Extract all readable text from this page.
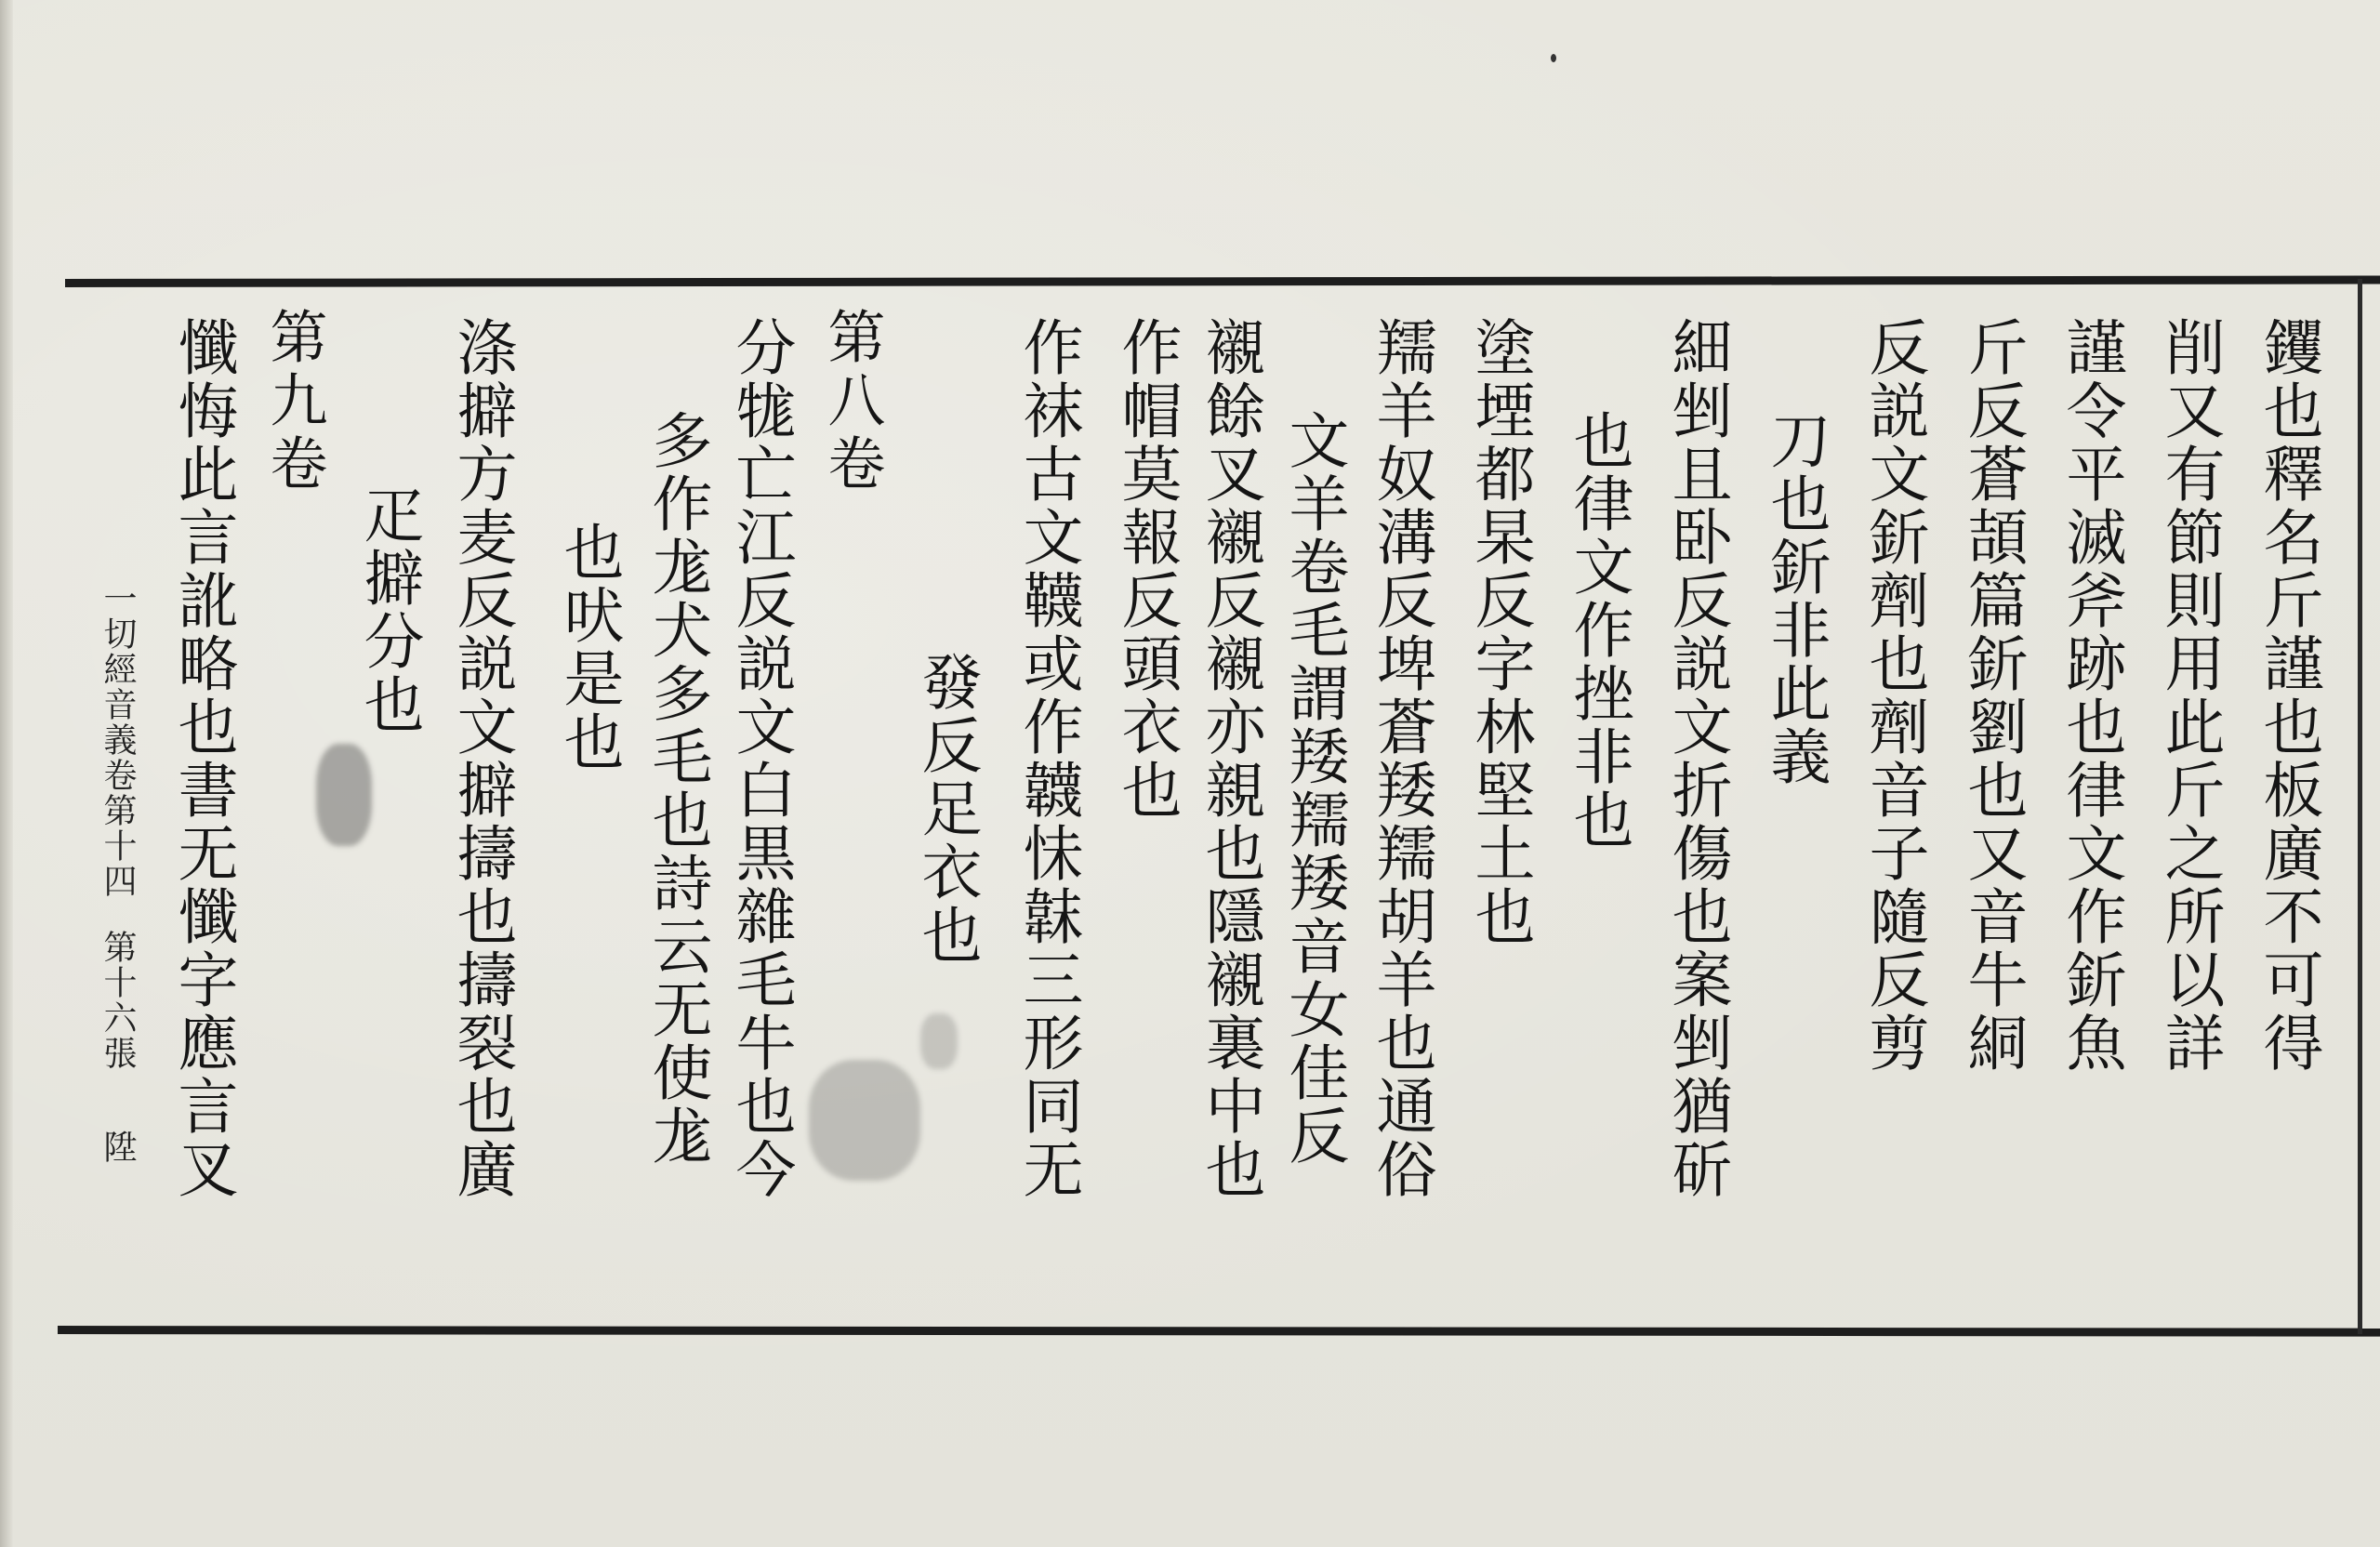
钁也釋名斤謹也板廣不可得
削又有節則用此斤之所以詳
謹令平滅斧跡也律文作釿魚
斤反蒼頡篇釿劉也又音牛絧
反説文釿劑也劑音子隨反剪
刀也釿非此義
細剉且卧反説文折傷也案剉猶斫
也律文作挫非也
塗堙都杲反字林堅土也
羺羊奴溝反埤蒼䍴羺胡羊也通俗
文羊卷毛謂䍴羺䍴音女佳反
襯餘叉襯反襯亦親也隱襯裏中也
作帽莫報反頭衣也
作袜古文韈或作韤怽韎三形同无
發反足衣也
第八卷
分牻亡江反説文白黒雜毛牛也今
多作尨犬多毛也詩云无使尨
也吠是也
涤擗方麦反説文擗擣也擣裂也廣
疋擗分也
第九卷
懺悔此言訛略也書无懺字應言叉
一切經音義卷第十四
第十六張
陞
